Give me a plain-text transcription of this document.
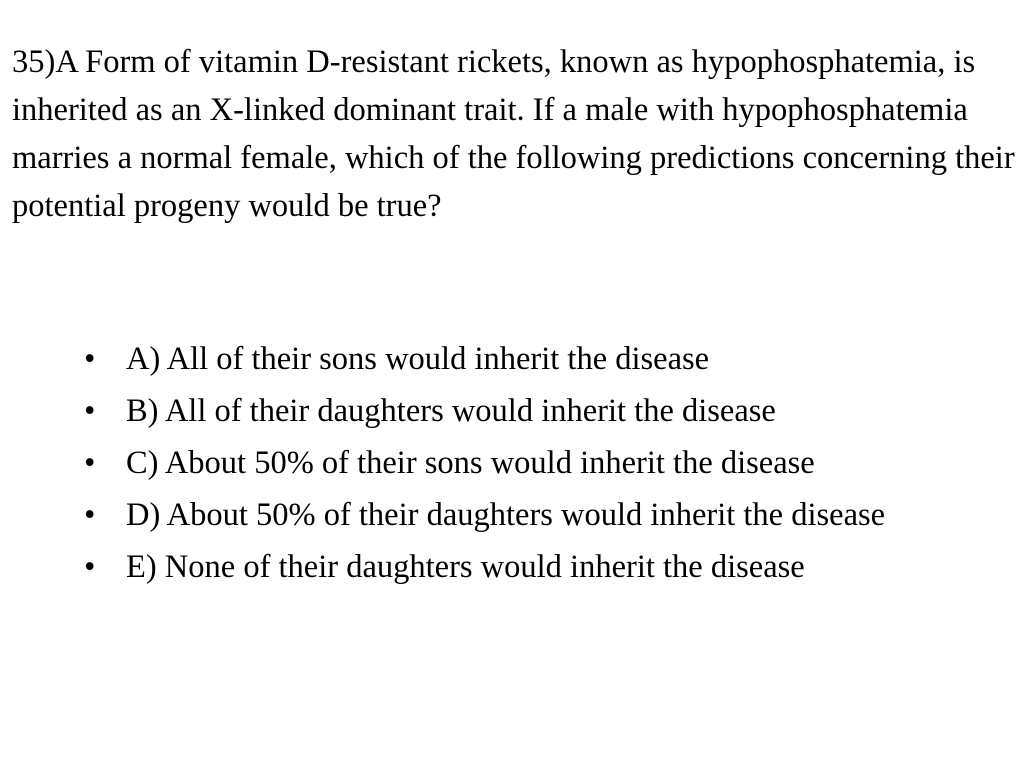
35)A Form of vitamin D-resistant rickets, known as hypophosphatemia, is inherited as an X-linked dominant trait. If a male with hypophosphatemia marries a normal female, which of the following predictions concerning their potential progeny would be true?

• A) All of their sons would inherit the disease
• B) All of their daughters would inherit the disease
• C) About 50% of their sons would inherit the disease
• D) About 50% of their daughters would inherit the disease
• E) None of their daughters would inherit the disease
